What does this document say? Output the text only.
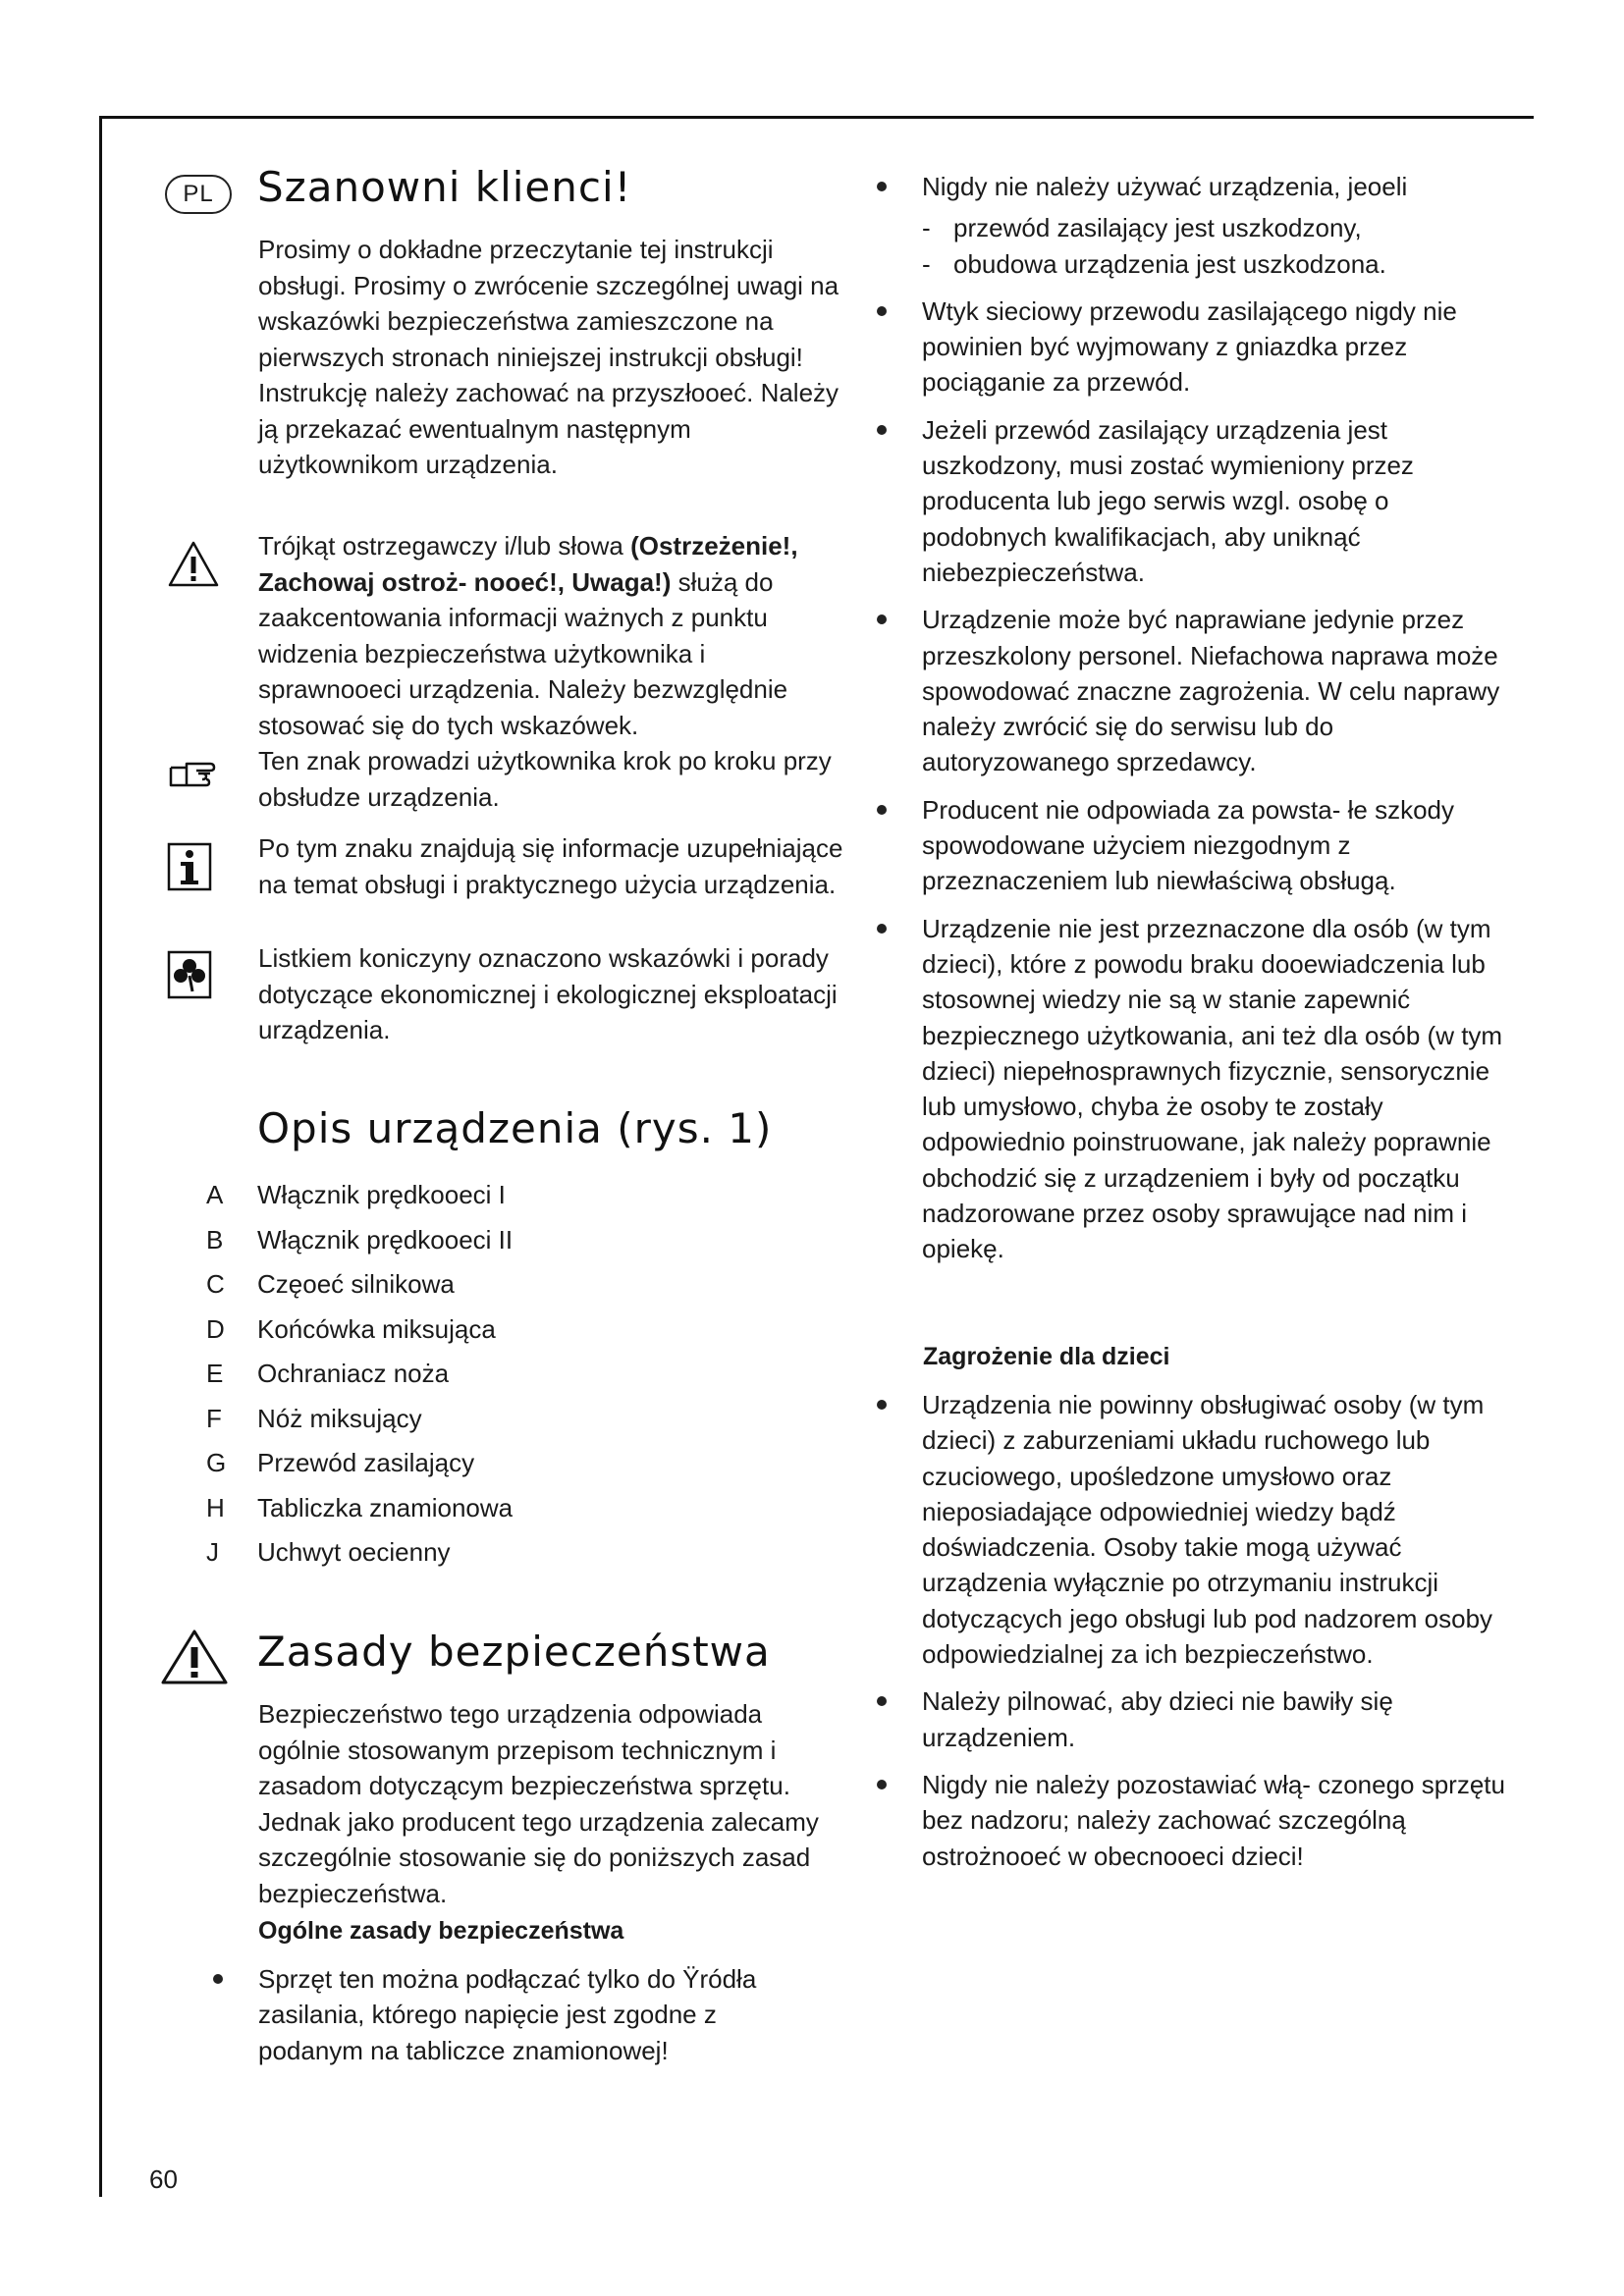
PL	Szanowni klienci!

Prosimy o dokładne przeczytanie tej instrukcji obsługi. Prosimy o zwrócenie szczególnej uwagi na wskazówki bezpieczeństwa zamieszczone na pierwszych stronach niniejszej instrukcji obsługi! Instrukcję należy zachować na przyszłooeć. Należy ją przekazać ewentualnym następnym użytkownikom urządzenia.

Trójkąt ostrzegawczy i/lub słowa (Ostrzeżenie!, Zachowaj ostroż- nooeć!, Uwaga!) służą do zaakcentowania informacji ważnych z punktu widzenia bezpieczeństwa użytkownika i sprawnooeci urządzenia. Należy bezwzględnie stosować się do tych wskazówek.

Ten znak prowadzi użytkownika krok po kroku przy obsłudze urządzenia.

Po tym znaku znajdują się informacje uzupełniające na temat obsługi i praktycznego użycia urządzenia.

Listkiem koniczyny oznaczono wskazówki i porady dotyczące ekonomicznej i ekologicznej eksploatacji urządzenia.

Opis urządzenia (rys. 1)
A	Włącznik prędkooeci I
B	Włącznik prędkooeci II
C	Częoeć silnikowa
D	Końcówka miksująca
E	Ochraniacz noża
F	Nóż miksujący
G	Przewód zasilający
H	Tabliczka znamionowa
J	Uchwyt oecienny
Zasady bezpieczeństwa

Bezpieczeństwo tego urządzenia odpowiada ogólnie stosowanym przepisom technicznym i zasadom dotyczącym bezpieczeństwa sprzętu. Jednak jako producent tego urządzenia zalecamy szczególnie stosowanie się do poniższych zasad bezpieczeństwa.

Ogólne zasady bezpieczeństwa
Sprzęt ten można podłączać tylko do Ÿródła zasilania, którego napięcie jest zgodne z podanym na tabliczce znamionowej!
Nigdy nie należy używać urządzenia, jeoeli
- przewód zasilający jest uszkodzony,
- obudowa urządzenia jest uszkodzona.
Wtyk sieciowy przewodu zasilającego nigdy nie powinien być wyjmowany z gniazdka przez pociąganie za przewód.
Jeżeli przewód zasilający urządzenia jest uszkodzony, musi zostać wymieniony przez producenta lub jego serwis wzgl. osobę o podobnych kwalifikacjach, aby uniknąć niebezpieczeństwa.
Urządzenie może być naprawiane jedynie przez przeszkolony personel. Niefachowa naprawa może spowodować znaczne zagrożenia. W celu naprawy należy zwrócić się do serwisu lub do autoryzowanego sprzedawcy.
Producent nie odpowiada za powsta- łe szkody spowodowane użyciem niezgodnym z przeznaczeniem lub niewłaściwą obsługą.
Urządzenie nie jest przeznaczone dla osób (w tym dzieci), które z powodu braku dooewiadczenia lub stosownej wiedzy nie są w stanie zapewnić bezpiecznego użytkowania, ani też dla osób (w tym dzieci) niepełnosprawnych fizycznie, sensorycznie lub umysłowo, chyba że osoby te zostały odpowiednio poinstruowane, jak należy poprawnie obchodzić się z urządzeniem i były od początku nadzorowane przez osoby sprawujące nad nim i opiekę.
Zagrożenie dla dzieci
Urządzenia nie powinny obsługiwać osoby (w tym dzieci) z zaburzeniami układu ruchowego lub czuciowego, upośledzone umysłowo oraz nieposiadające odpowiedniej wiedzy bądź doświadczenia. Osoby takie mogą używać urządzenia wyłącznie po otrzymaniu instrukcji dotyczących jego obsługi lub pod nadzorem osoby odpowiedzialnej za ich bezpieczeństwo.
Należy pilnować, aby dzieci nie bawiły się urządzeniem.
Nigdy nie należy pozostawiać włą- czonego sprzętu bez nadzoru; należy zachować szczególną ostrożnooeć w obecnooeci dzieci!
60
